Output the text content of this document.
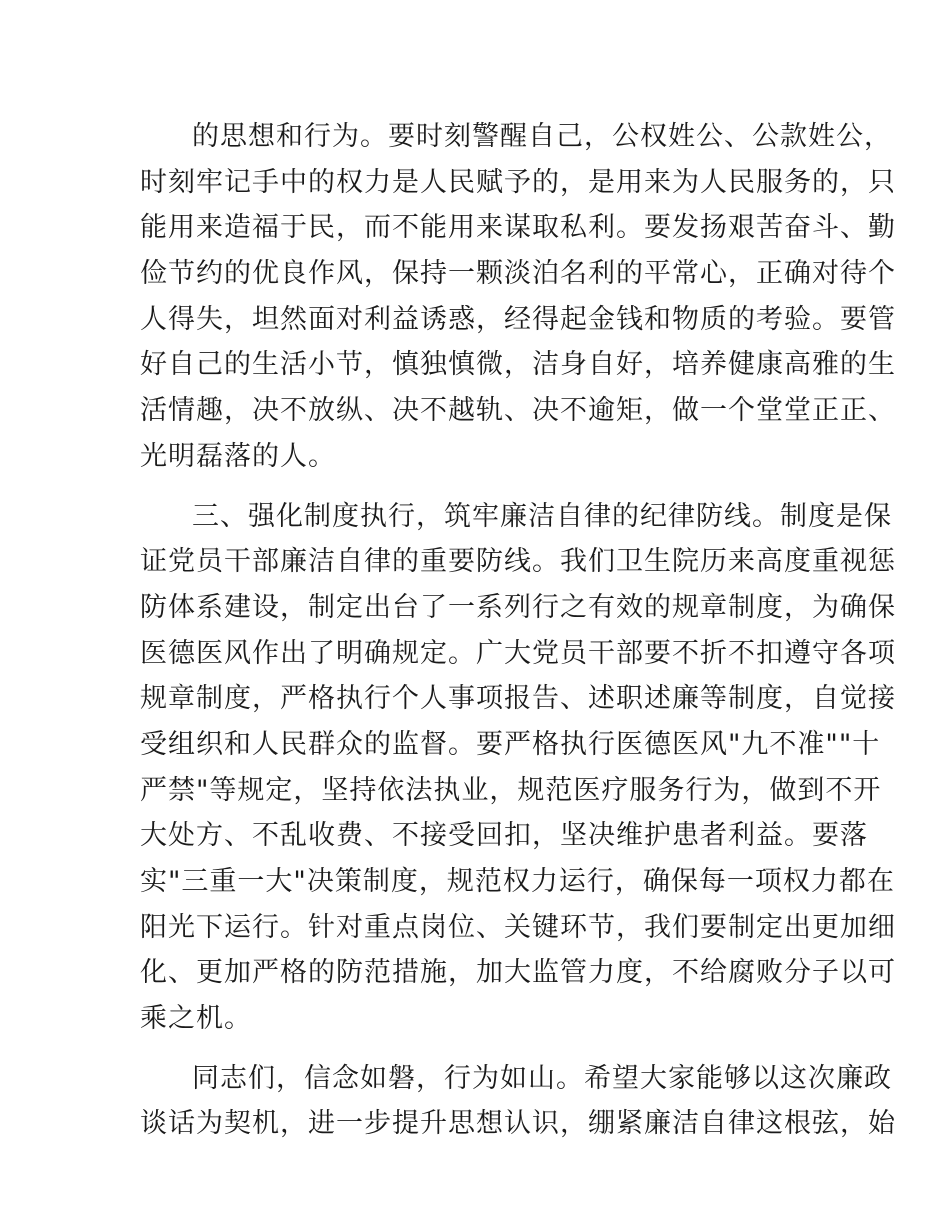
的思想和行为。要时刻警醒自己，公权姓公、公款姓公，
时刻牢记手中的权力是人民赋予的，是用来为人民服务的，只
能用来造福于民，而不能用来谋取私利。要发扬艰苦奋斗、勤
俭节约的优良作风，保持一颗淡泊名利的平常心，正确对待个
人得失，坦然面对利益诱惑，经得起金钱和物质的考验。要管
好自己的生活小节，慎独慎微，洁身自好，培养健康高雅的生
活情趣，决不放纵、决不越轨、决不逾矩，做一个堂堂正正、
光明磊落的人。
三、强化制度执行，筑牢廉洁自律的纪律防线。制度是保
证党员干部廉洁自律的重要防线。我们卫生院历来高度重视惩
防体系建设，制定出台了一系列行之有效的规章制度，为确保
医德医风作出了明确规定。广大党员干部要不折不扣遵守各项
规章制度，严格执行个人事项报告、述职述廉等制度，自觉接
受组织和人民群众的监督。要严格执行医德医风"九不准""十
严禁"等规定，坚持依法执业，规范医疗服务行为，做到不开
大处方、不乱收费、不接受回扣，坚决维护患者利益。要落
实"三重一大"决策制度，规范权力运行，确保每一项权力都在
阳光下运行。针对重点岗位、关键环节，我们要制定出更加细
化、更加严格的防范措施，加大监管力度，不给腐败分子以可
乘之机。
同志们，信念如磐，行为如山。希望大家能够以这次廉政
谈话为契机，进一步提升思想认识，绷紧廉洁自律这根弦，始
